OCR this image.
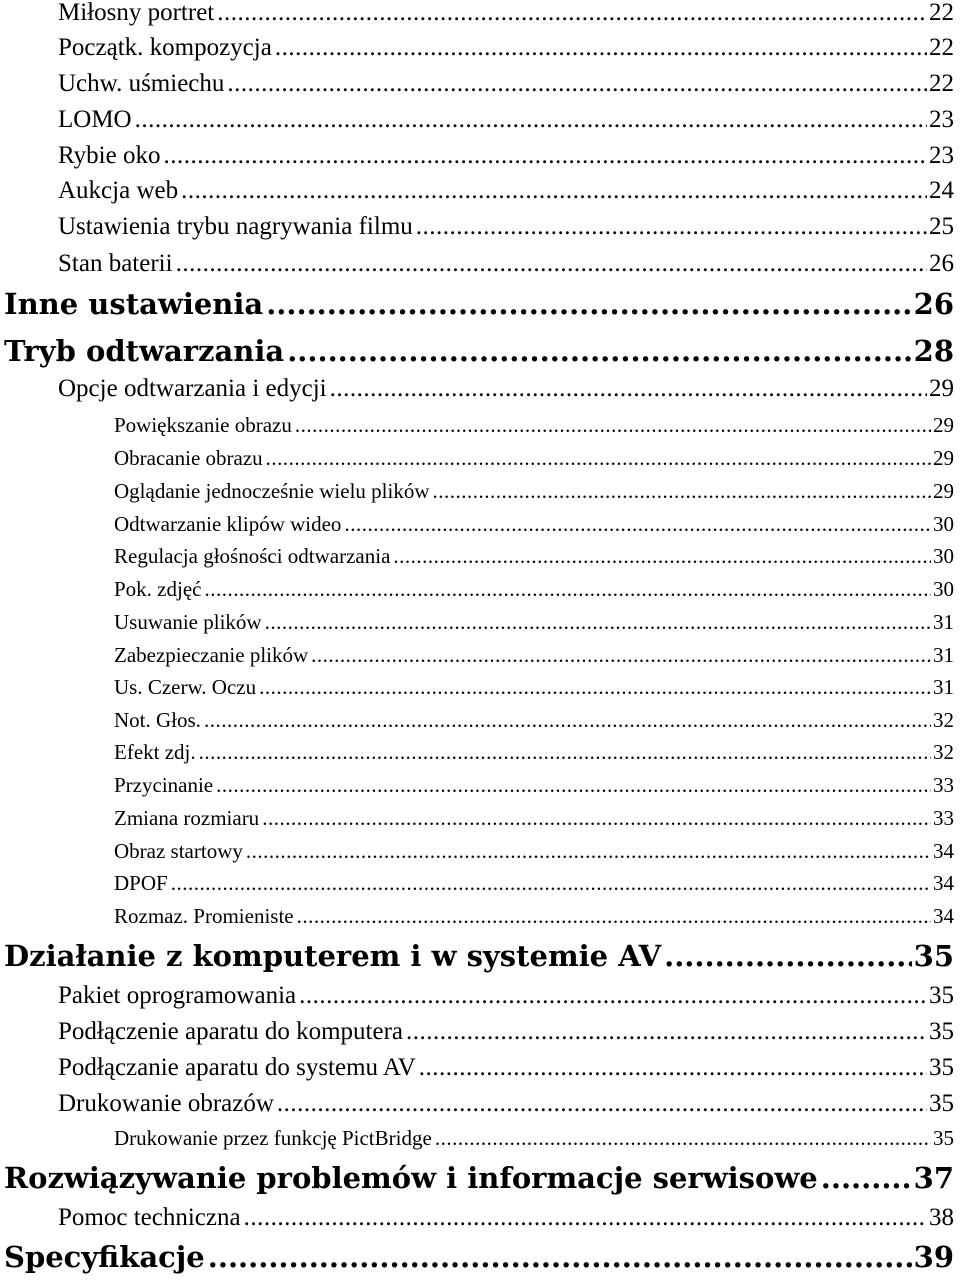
Miłosny portret .....	22
Początk. kompozycja .....	22
Uchw. uśmiechu .....	22
LOMO .....	23
Rybie oko .....	23
Aukcja web .....	24
Ustawienia trybu nagrywania filmu .....	25
Stan baterii .....	26
Inne ustawienia .....	26
Tryb odtwarzania .....	28
Opcje odtwarzania i edycji .....	29
Powiększanie obrazu .....	29
Obracanie obrazu .....	29
Oglądanie jednocześnie wielu plików .....	29
Odtwarzanie klipów wideo .....	30
Regulacja głośności odtwarzania .....	30
Pok. zdjęć .....	30
Usuwanie plików .....	31
Zabezpieczanie plików .....	31
Us. Czerw. Oczu .....	31
Not. Głos. .....	32
Efekt zdj. .....	32
Przycinanie .....	33
Zmiana rozmiaru .....	33
Obraz startowy .....	34
DPOF .....	34
Rozmaz. Promieniste .....	34
Działanie z komputerem i w systemie AV .....	35
Pakiet oprogramowania .....	35
Podłączenie aparatu do komputera .....	35
Podłączanie aparatu do systemu AV .....	35
Drukowanie obrazów .....	35
Drukowanie przez funkcję PictBridge .....	35
Rozwiązywanie problemów i informacje serwisowe .....	37
Pomoc techniczna .....	38
Specyfikacje .....	39
